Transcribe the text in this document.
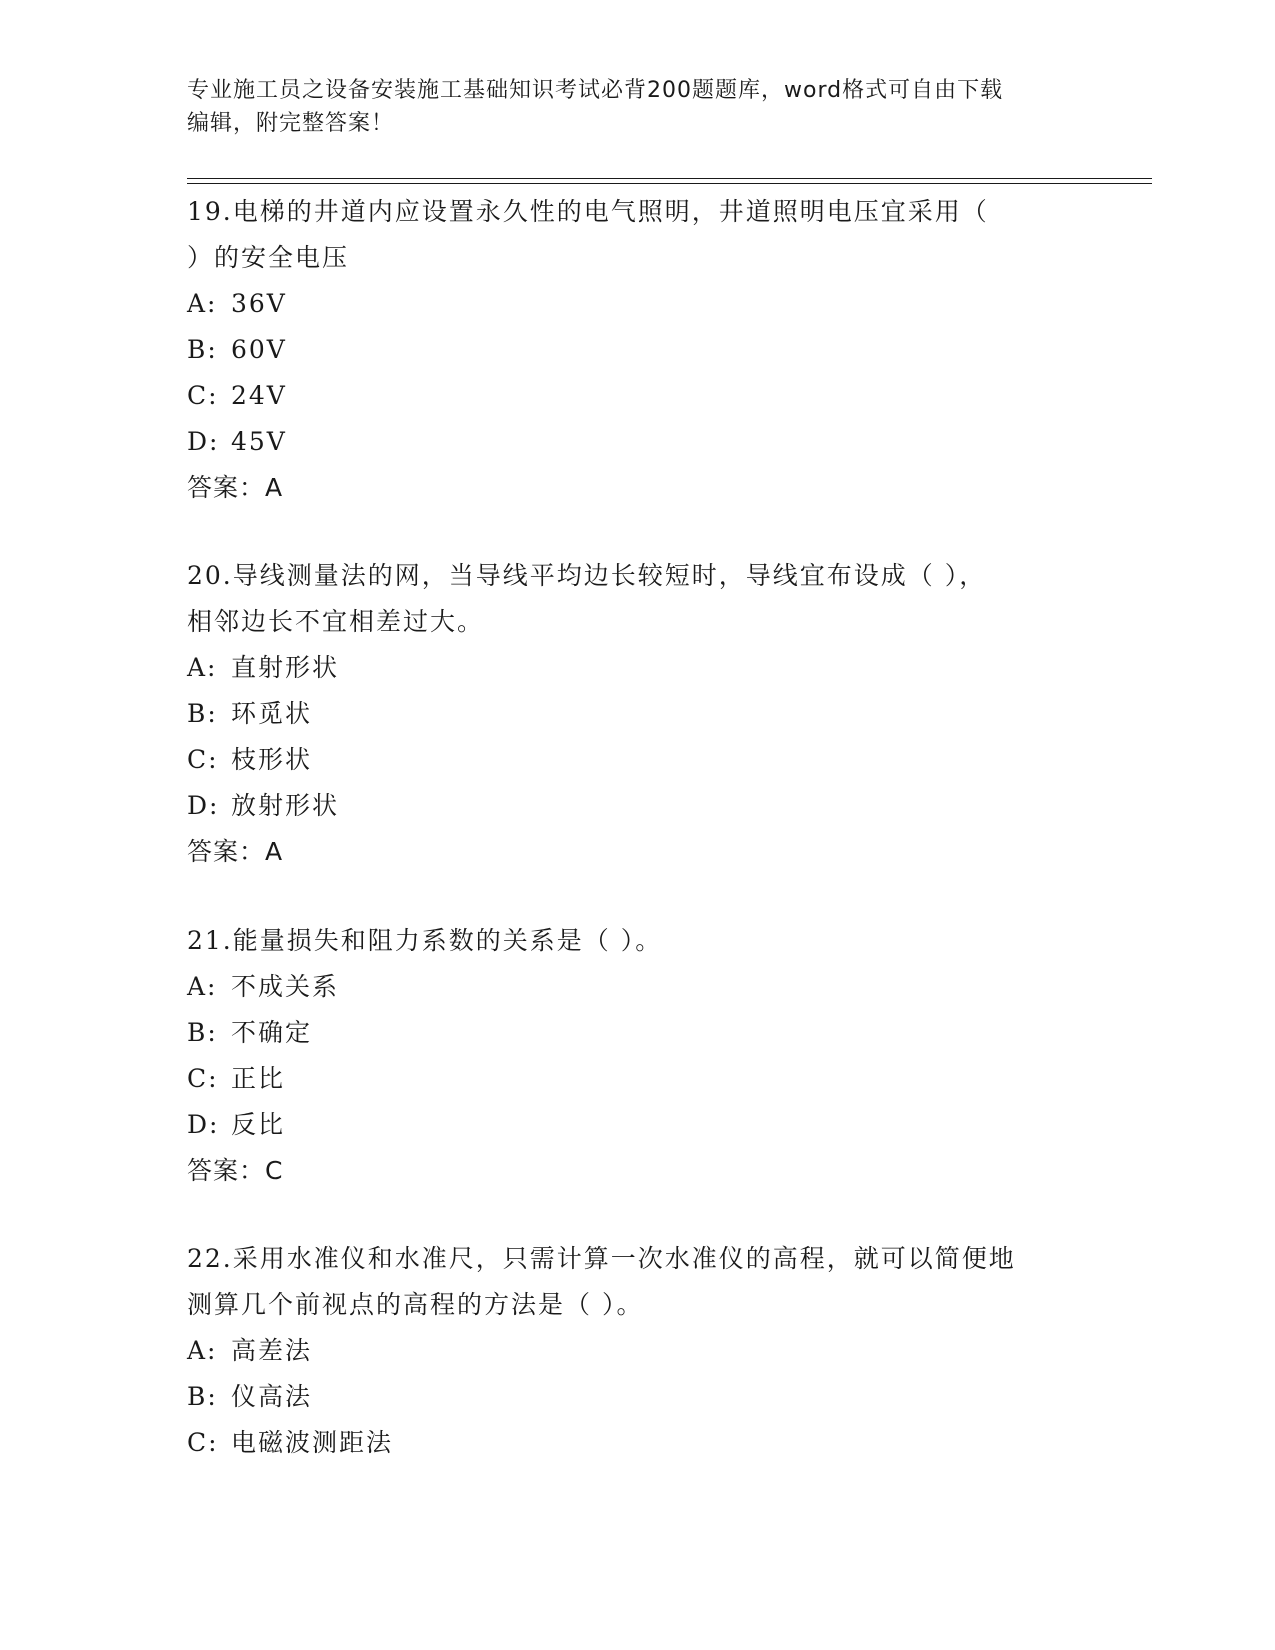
专业施工员之设备安装施工基础知识考试必背200题题库，word格式可自由下载
编辑，附完整答案！
19.电梯的井道内应设置永久性的电气照明，井道照明电压宜采用（
）的安全电压
A: 36V
B: 60V
C: 24V
D: 45V
答案：A
20.导线测量法的网，当导线平均边长较短时，导线宜布设成（ ），
相邻边长不宜相差过大。
A: 直射形状
B: 环觅状
C: 枝形状
D: 放射形状
答案：A
21.能量损失和阻力系数的关系是（ ）。
A: 不成关系
B: 不确定
C: 正比
D: 反比
答案：C
22.采用水准仪和水准尺，只需计算一次水准仪的高程，就可以简便地
测算几个前视点的高程的方法是（ ）。
A: 高差法
B: 仪高法
C: 电磁波测距法
